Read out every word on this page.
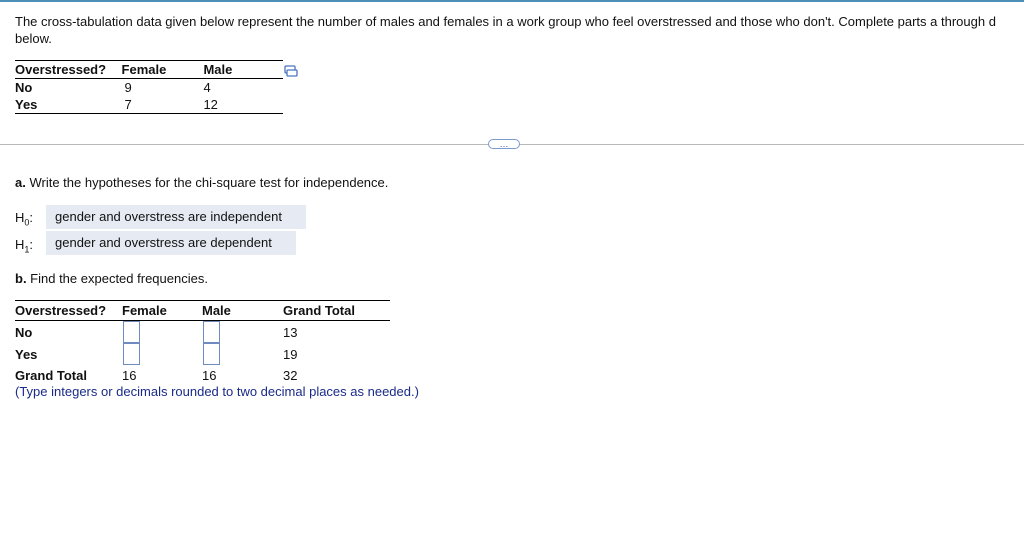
The cross-tabulation data given below represent the number of males and females in a work group who feel overstressed and those who don't. Complete parts a through d below.
Overstressed?	Female	Male
No	9	4
Yes	7	12
…
a. Write the hypotheses for the chi-square test for independence.
$H_0$:	gender and overstress are independent
$H_1$:	gender and overstress are dependent
b. Find the expected frequencies.
Overstressed?	Female	Male	Grand Total
No			13
Yes			19
Grand Total	16	16	32
(Type integers or decimals rounded to two decimal places as needed.)
